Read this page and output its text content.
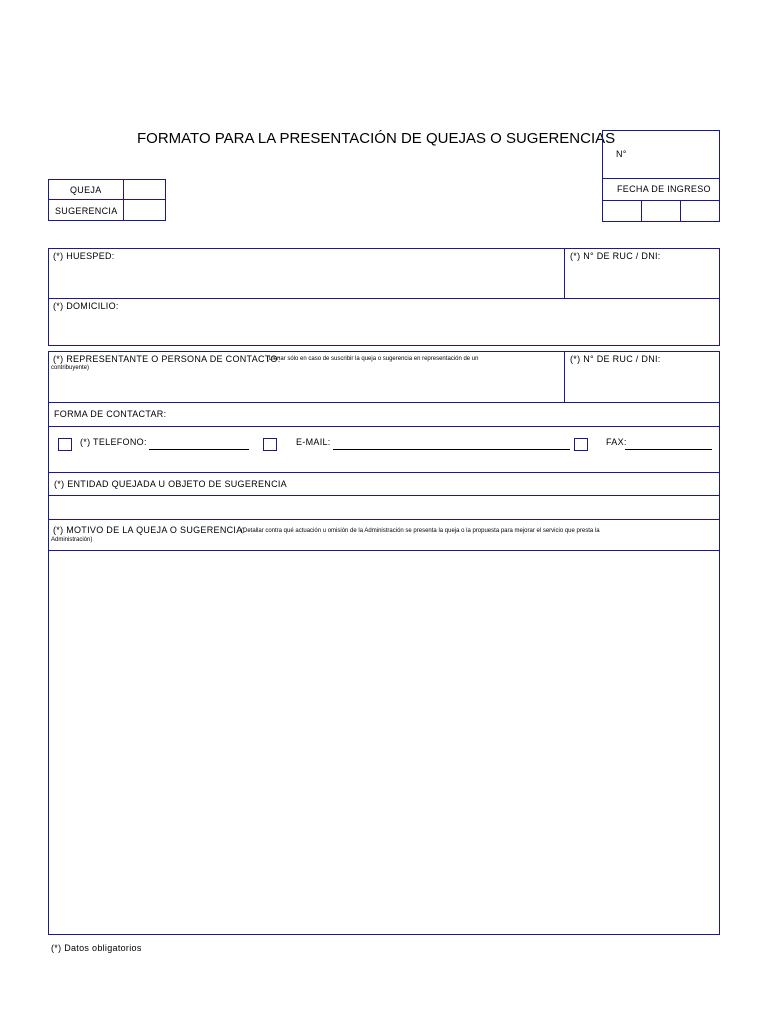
FORMATO PARA LA PRESENTACIÓN DE QUEJAS O SUGERENCIAS
QUEJA
SUGERENCIA
N°
FECHA DE INGRESO
(*) HUESPED:	(*) N° DE RUC / DNI:
(*) DOMICILIO:
(*) REPRESENTANTE O PERSONA DE CONTACTO:
(Llenar sólo en caso de suscribir la queja o sugerencia en representación de un
contribuyente)
(*) N° DE RUC / DNI:
FORMA DE CONTACTAR:
(*) TELEFONO:	E-MAIL:	FAX:
(*) ENTIDAD QUEJADA U OBJETO DE SUGERENCIA
(*) MOTIVO DE LA QUEJA O SUGERENCIA:
(Detallar contra qué actuación u omisión de la Administración se presenta la queja o la propuesta para mejorar el servicio que presta la
Administración)
(*) Datos obligatorios
